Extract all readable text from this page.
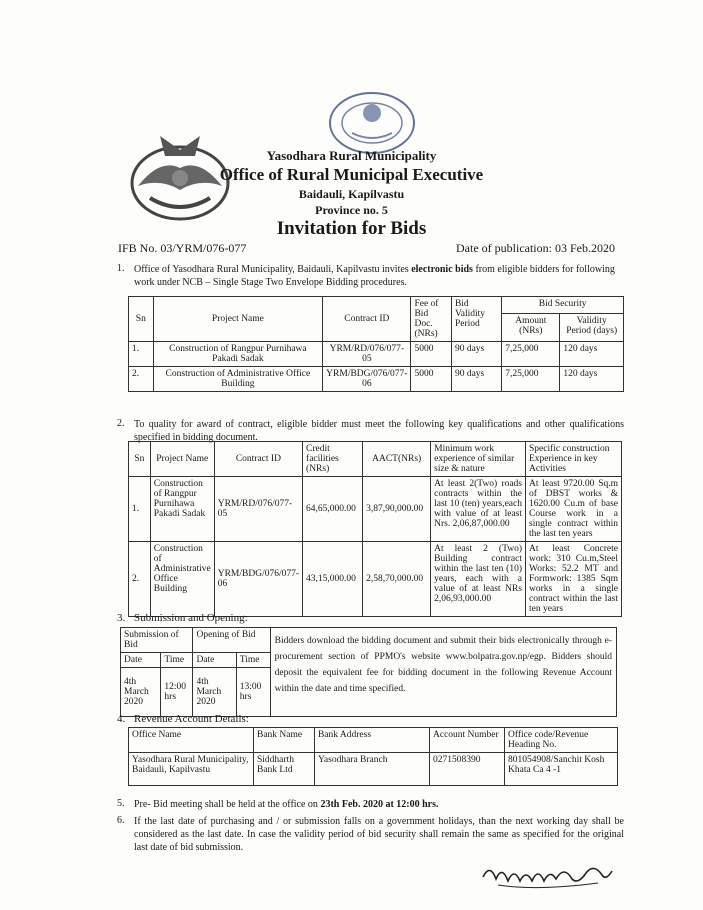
Yasodhara Rural Municipality
Office of Rural Municipal Executive
Baidauli, Kapilvastu
Province no. 5
Invitation for Bids
IFB No. 03/YRM/076-077	Date of publication: 03 Feb.2020
1. Office of Yasodhara Rural Municipality, Baidauli, Kapilvastu invites electronic bids from eligible bidders for following work under NCB – Single Stage Two Envelope Bidding procedures.
Sn	Project Name	Contract ID	Fee of Bid Doc. (NRs)	Bid Validity Period	Bid Security	
					Amount (NRs)	Validity Period (days)
1.	Construction of Rangpur Purnihawa Pakadi Sadak	YRM/RD/076/077-05	5000	90 days	7,25,000	120 days
2.	Construction of Administrative Office Building	YRM/BDG/076/077-06	5000	90 days	7,25,000	120 days
2. To quality for award of contract, eligible bidder must meet the following key qualifications and other qualifications specified in bidding document.
Sn	Project Name	Contract ID	Credit facilities (NRs)	AACT(NRs)	Minimum work experience of similar size & nature	Specific construction Experience in key Activities
1.	Construction of Rangpur Purnihawa Pakadi Sadak	YRM/RD/076/077-05	64,65,000.00	3,87,90,000.00	At least 2(Two) roads contracts within the last 10 (ten) years,each with value of at least Nrs. 2,06,87,000.00	At least 9720.00 Sq.m of DBST works & 1620.00 Cu.m of base Course work in a single contract within the last ten years
2.	Construction of Administrative Office Building	YRM/BDG/076/077-06	43,15,000.00	2,58,70,000.00	At least 2 (Two) Building contract within the last ten (10) years, each with a value of at least NRs 2,06,93,000.00	At least Concrete work: 310 Cu.m,Steel Works: 52.2 MT and Formwork: 1385 Sqm works in a single contract within the last ten years
3. Submission and Opening:
Submission of Bid		Opening of Bid		Bidders download the bidding document and submit their bids electronically through e-procurement section of PPMO's website www.bolpatra.gov.np/egp. Bidders should deposit the equivalent fee for bidding document in the following Revenue Account within the date and time specified.
Date	Time	Date	Time	
4th March 2020	12:00 hrs	4th March 2020	13:00 hrs	
4. Revenue Account Details:
Office Name	Bank Name	Bank Address	Account Number	Office code/Revenue Heading No.
Yasodhara Rural Municipality, Baidauli, Kapilvastu	Siddharth Bank Ltd	Yasodhara Branch	0271508390	801054908/Sanchit Kosh Khata Ca 4 -1
5. Pre- Bid meeting shall be held at the office on 23th Feb. 2020 at 12:00 hrs.
6. If the last date of purchasing and / or submission falls on a government holidays, than the next working day shall be considered as the last date. In case the validity period of bid security shall remain the same as specified for the original last date of bid submission.
